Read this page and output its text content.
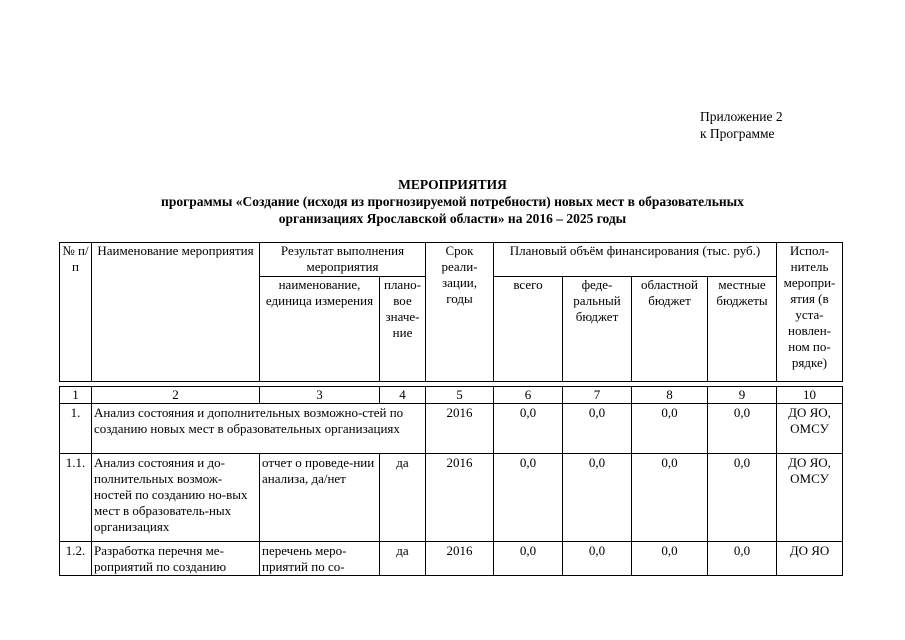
Приложение 2
к Программе
МЕРОПРИЯТИЯ
программы «Создание (исходя из прогнозируемой потребности) новых мест в образовательных
организациях Ярославской области» на 2016 – 2025 годы
№ п/п	Наименование мероприятия	Результат выполнения мероприятия		Срок реали-зации, годы	Плановый объём финансирования (тыс. руб.)				Испол-нитель меропри-ятия (в уста-новлен-ном по-рядке)
		наименование, единица измерения	плано-вое значе-ние		всего	феде-ральный бюджет	областной бюджет	местные бюджеты	

1	2	3	4	5	6	7	8	9	10
1.	Анализ состояния и дополнительных возможно-стей по созданию новых мест в образовательных организациях			2016	0,0	0,0	0,0	0,0	ДО ЯО, ОМСУ
1.1.	Анализ состояния и до-полнительных возмож-ностей по созданию но-вых мест в образователь-ных организациях	отчет о проведе-нии анализа, да/нет	да	2016	0,0	0,0	0,0	0,0	ДО ЯО, ОМСУ
1.2.	Разработка перечня ме-роприятий по созданию	перечень меро-приятий по со-	да	2016	0,0	0,0	0,0	0,0	ДО ЯО
